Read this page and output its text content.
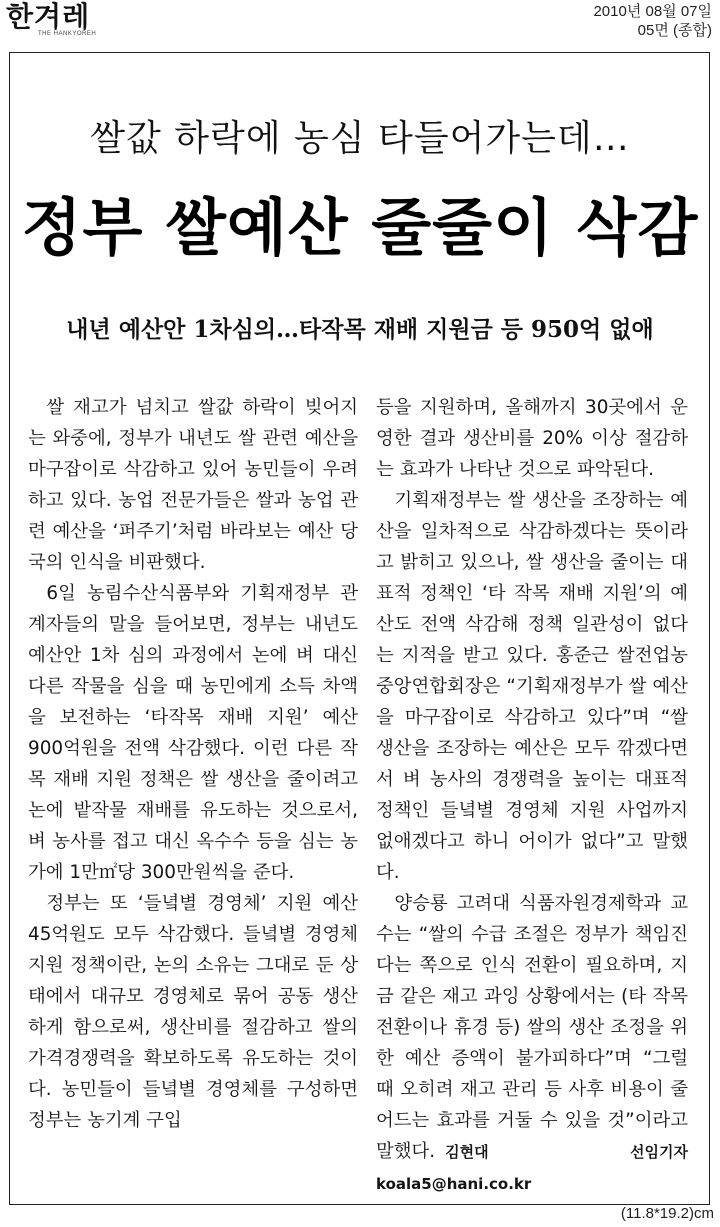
한겨레
THE HANKYOREH
2010년 08월 07일
05면 (종합)
쌀값 하락에 농심 타들어가는데…
정부 쌀예산 줄줄이 삭감
내년 예산안 1차심의…타작목 재배 지원금 등 950억 없애

쌀 재고가 넘치고 쌀값 하락이 빚어지는 와중에, 정부가 내년도 쌀 관련 예산을 마구잡이로 삭감하고 있어 농민들이 우려하고 있다. 농업 전문가들은 쌀과 농업 관련 예산을 ‘퍼주기’처럼 바라보는 예산 당국의 인식을 비판했다.

6일 농림수산식품부와 기획재정부 관계자들의 말을 들어보면, 정부는 내년도 예산안 1차 심의 과정에서 논에 벼 대신 다른 작물을 심을 때 농민에게 소득 차액을 보전하는 ‘타작목 재배 지원’ 예산 900억원을 전액 삭감했다. 이런 다른 작목 재배 지원 정책은 쌀 생산을 줄이려고 논에 밭작물 재배를 유도하는 것으로서, 벼 농사를 접고 대신 옥수수 등을 심는 농가에 1만㎡당 300만원씩을 준다.

정부는 또 ‘들녘별 경영체’ 지원 예산 45억원도 모두 삭감했다. 들녘별 경영체 지원 정책이란, 논의 소유는 그대로 둔 상태에서 대규모 경영체로 묶어 공동 생산하게 함으로써, 생산비를 절감하고 쌀의 가격경쟁력을 확보하도록 유도하는 것이다. 농민들이 들녘별 경영체를 구성하면 정부는 농기계 구입

등을 지원하며, 올해까지 30곳에서 운영한 결과 생산비를 20% 이상 절감하는 효과가 나타난 것으로 파악된다.

기획재정부는 쌀 생산을 조장하는 예산을 일차적으로 삭감하겠다는 뜻이라고 밝히고 있으나, 쌀 생산을 줄이는 대표적 정책인 ‘타 작목 재배 지원’의 예산도 전액 삭감해 정책 일관성이 없다는 지적을 받고 있다. 홍준근 쌀전업농중앙연합회장은 “기획재정부가 쌀 예산을 마구잡이로 삭감하고 있다”며 “쌀 생산을 조장하는 예산은 모두 깎겠다면서 벼 농사의 경쟁력을 높이는 대표적 정책인 들녘별 경영체 지원 사업까지 없애겠다고 하니 어이가 없다”고 말했다.

양승룡 고려대 식품자원경제학과 교수는 “쌀의 수급 조절은 정부가 책임진다는 쪽으로 인식 전환이 필요하며, 지금 같은 재고 과잉 상황에서는 (타 작목 전환이나 휴경 등) 쌀의 생산 조정을 위한 예산 증액이 불가피하다”며 “그럴 때 오히려 재고 관리 등 사후 비용이 줄어드는 효과를 거둘 수 있을 것”이라고 말했다. 김현대 선임기자 koala5@hani.co.kr

(11.8*19.2)cm
